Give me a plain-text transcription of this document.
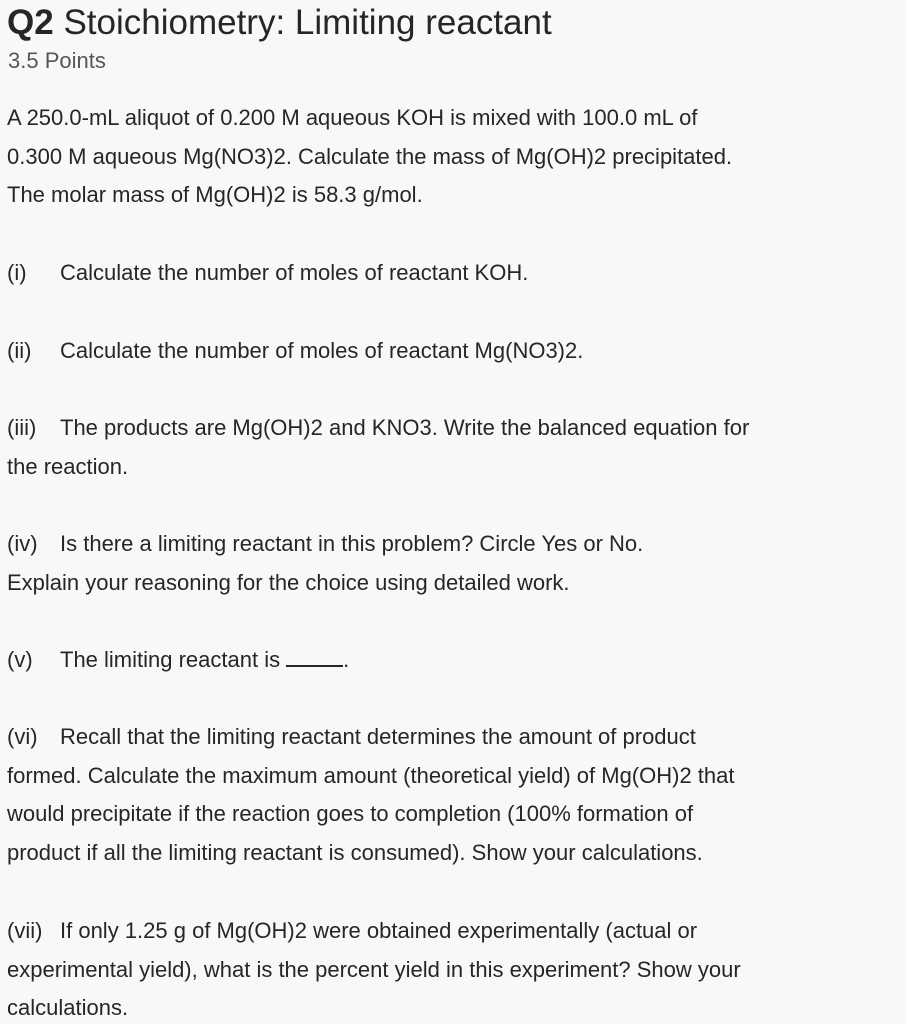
Q2 Stoichiometry: Limiting reactant
3.5 Points
A 250.0-mL aliquot of 0.200 M aqueous KOH is mixed with 100.0 mL of
0.300 M aqueous Mg(NO3)2. Calculate the mass of Mg(OH)2 precipitated.
The molar mass of Mg(OH)2 is 58.3 g/mol.
(i) Calculate the number of moles of reactant KOH.
(ii) Calculate the number of moles of reactant Mg(NO3)2.
(iii) The products are Mg(OH)2 and KNO3. Write the balanced equation for
the reaction.
(iv) Is there a limiting reactant in this problem? Circle Yes or No.
Explain your reasoning for the choice using detailed work.
(v) The limiting reactant is	.
(vi) Recall that the limiting reactant determines the amount of product
formed. Calculate the maximum amount (theoretical yield) of Mg(OH)2 that
would precipitate if the reaction goes to completion (100% formation of
product if all the limiting reactant is consumed). Show your calculations.
(vii) If only 1.25 g of Mg(OH)2 were obtained experimentally (actual or
experimental yield), what is the percent yield in this experiment? Show your
calculations.
